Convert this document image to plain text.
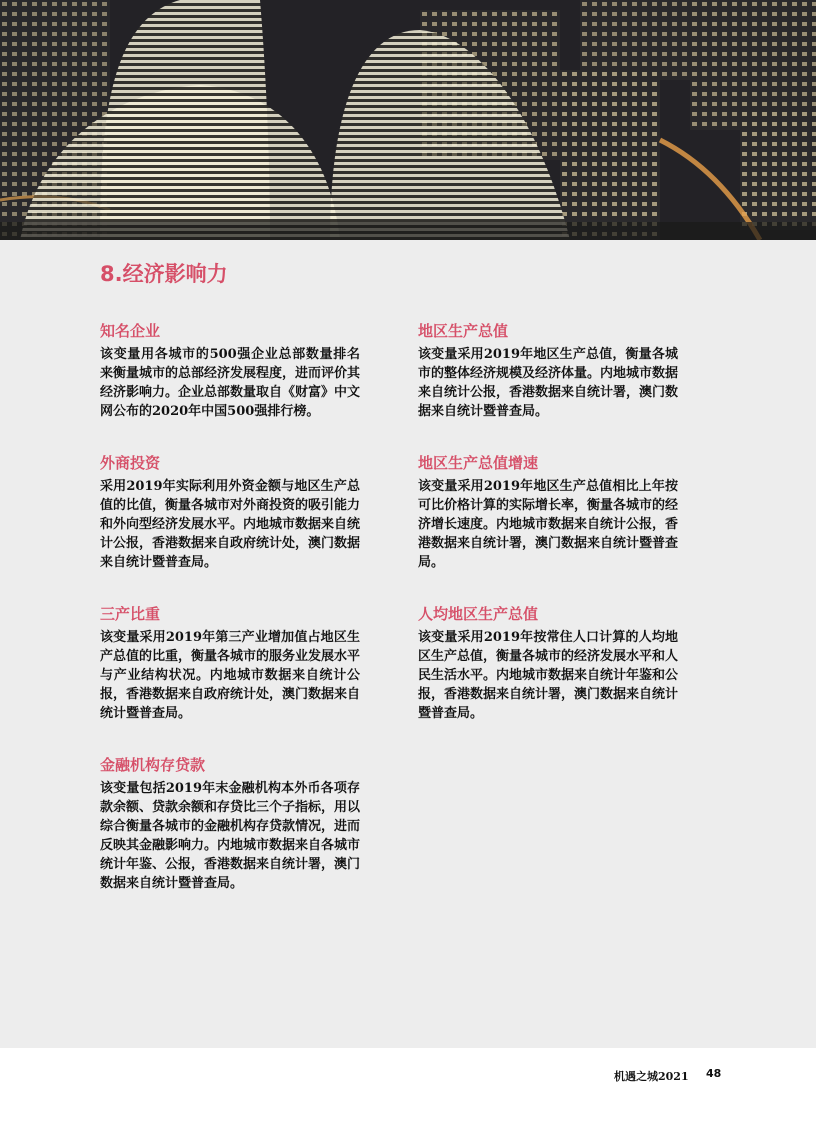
8.经济影响力
知名企业

该变量用各城市的500强企业总部数量排名来衡量城市的总部经济发展程度，进而评价其经济影响力。企业总部数量取自《财富》中文网公布的2020年中国500强排行榜。

外商投资

采用2019年实际利用外资金额与地区生产总值的比值，衡量各城市对外商投资的吸引能力和外向型经济发展水平。内地城市数据来自统计公报，香港数据来自政府统计处，澳门数据来自统计暨普查局。

三产比重

该变量采用2019年第三产业增加值占地区生产总值的比重，衡量各城市的服务业发展水平与产业结构状况。内地城市数据来自统计公报，香港数据来自政府统计处，澳门数据来自统计暨普查局。

金融机构存贷款

该变量包括2019年末金融机构本外币各项存款余额、贷款余额和存贷比三个子指标，用以综合衡量各城市的金融机构存贷款情况，进而反映其金融影响力。内地城市数据来自各城市统计年鉴、公报，香港数据来自统计署，澳门数据来自统计暨普查局。

地区生产总值

该变量采用2019年地区生产总值，衡量各城市的整体经济规模及经济体量。内地城市数据来自统计公报，香港数据来自统计署，澳门数据来自统计暨普查局。

地区生产总值增速

该变量采用2019年地区生产总值相比上年按可比价格计算的实际增长率，衡量各城市的经济增长速度。内地城市数据来自统计公报，香港数据来自统计署，澳门数据来自统计暨普查局。

人均地区生产总值

该变量采用2019年按常住人口计算的人均地区生产总值，衡量各城市的经济发展水平和人民生活水平。内地城市数据来自统计年鉴和公报，香港数据来自统计署，澳门数据来自统计暨普查局。

机遇之城2021 48
